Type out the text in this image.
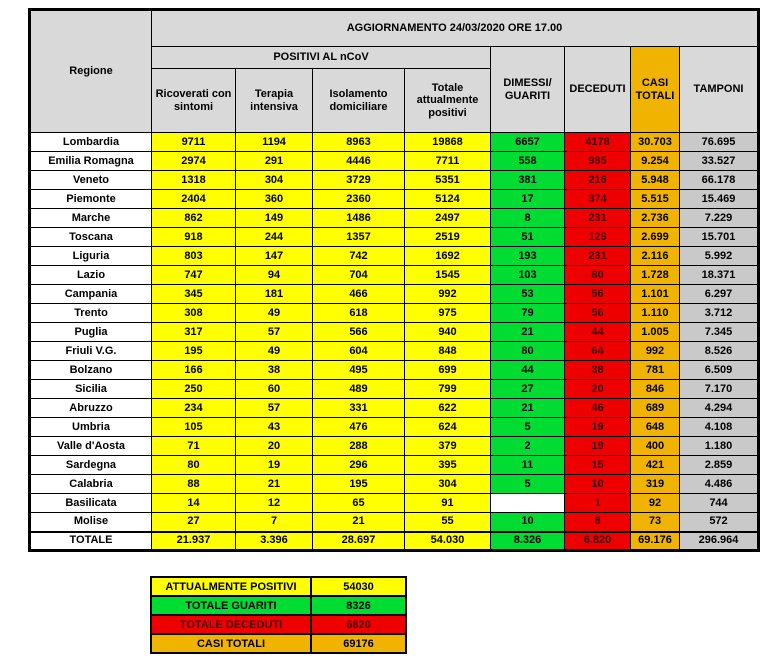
Regione	AGGIORNAMENTO 24/03/2020 ORE 17.00							
	POSITIVI AL nCoV				DIMESSI/ GUARITI	DECEDUTI	CASI TOTALI	TAMPONI
	Ricoverati con sintomi	Terapia intensiva	Isolamento domiciliare	Totale attualmente positivi				
Lombardia	9711	1194	8963	19868	6657	4178	30.703	76.695
Emilia Romagna	2974	291	4446	7711	558	985	9.254	33.527
Veneto	1318	304	3729	5351	381	216	5.948	66.178
Piemonte	2404	360	2360	5124	17	374	5.515	15.469
Marche	862	149	1486	2497	8	231	2.736	7.229
Toscana	918	244	1357	2519	51	129	2.699	15.701
Liguria	803	147	742	1692	193	231	2.116	5.992
Lazio	747	94	704	1545	103	80	1.728	18.371
Campania	345	181	466	992	53	56	1.101	6.297
Trento	308	49	618	975	79	56	1.110	3.712
Puglia	317	57	566	940	21	44	1.005	7.345
Friuli V.G.	195	49	604	848	80	64	992	8.526
Bolzano	166	38	495	699	44	38	781	6.509
Sicilia	250	60	489	799	27	20	846	7.170
Abruzzo	234	57	331	622	21	46	689	4.294
Umbria	105	43	476	624	5	19	648	4.108
Valle d'Aosta	71	20	288	379	2	19	400	1.180
Sardegna	80	19	296	395	11	15	421	2.859
Calabria	88	21	195	304	5	10	319	4.486
Basilicata	14	12	65	91		1	92	744
Molise	27	7	21	55	10	8	73	572
TOTALE	21.937	3.396	28.697	54.030	8.326	6.820	69.176	296.964
ATTUALMENTE POSITIVI	54030
TOTALE GUARITI	8326
TOTALE DECEDUTI	6820
CASI TOTALI	69176
